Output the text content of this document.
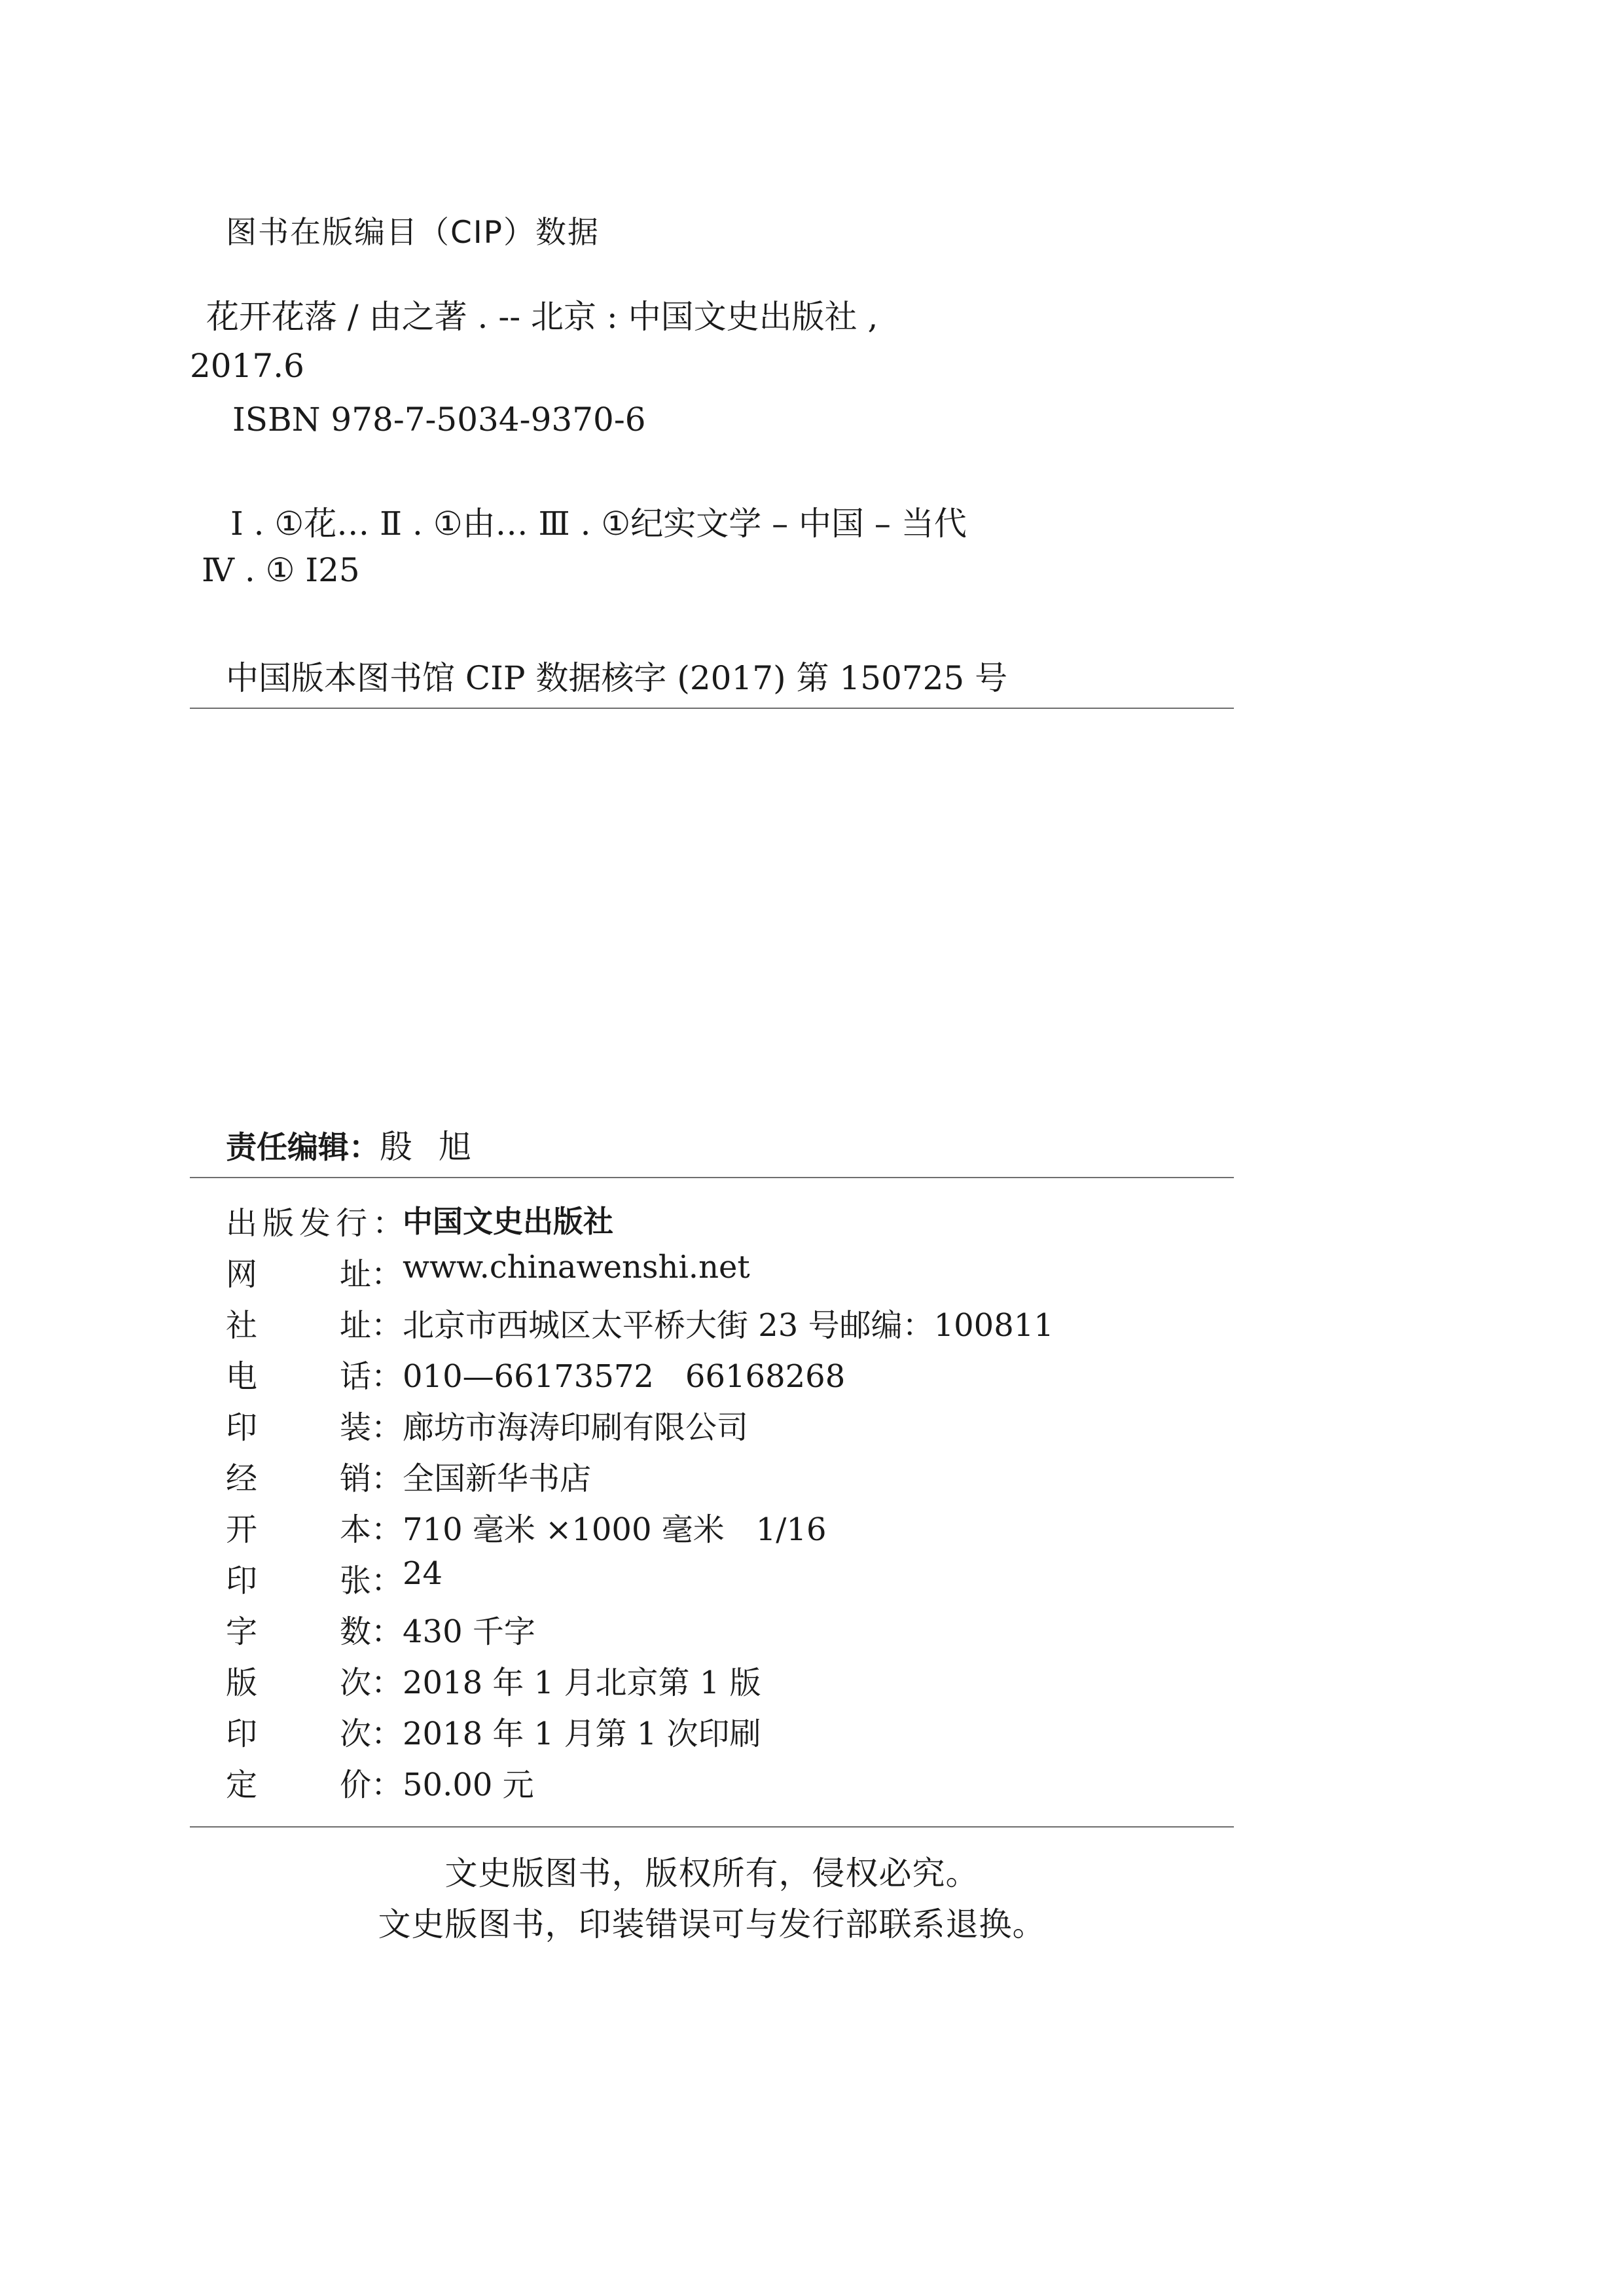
图书在版编目（CIP）数据
花开花落 / 由之著 . -- 北京 : 中国文史出版社 ,
2017.6
ISBN 978-7-5034-9370-6
Ⅰ . ①花… Ⅱ . ①由… Ⅲ . ①纪实文学 – 中国 – 当代
Ⅳ . ① I25
中国版本图书馆 CIP 数据核字 (2017) 第 150725 号
责任编辑：殷旭
出版发行 ：
中国文史出版社
网	址： www.chinawenshi.net
社	址： 北京市西城区太平桥大街 23 号邮编：100811
电	话： 010—66173572　66168268
印	装： 廊坊市海涛印刷有限公司
经	销： 全国新华书店
开	本： 710 毫米 ×1000 毫米　1/16
印	张： 24
字	数： 430 千字
版	次： 2018 年 1 月北京第 1 版
印	次： 2018 年 1 月第 1 次印刷
定	价： 50.00 元
文史版图书，版权所有，侵权必究。
文史版图书，印装错误可与发行部联系退换。
